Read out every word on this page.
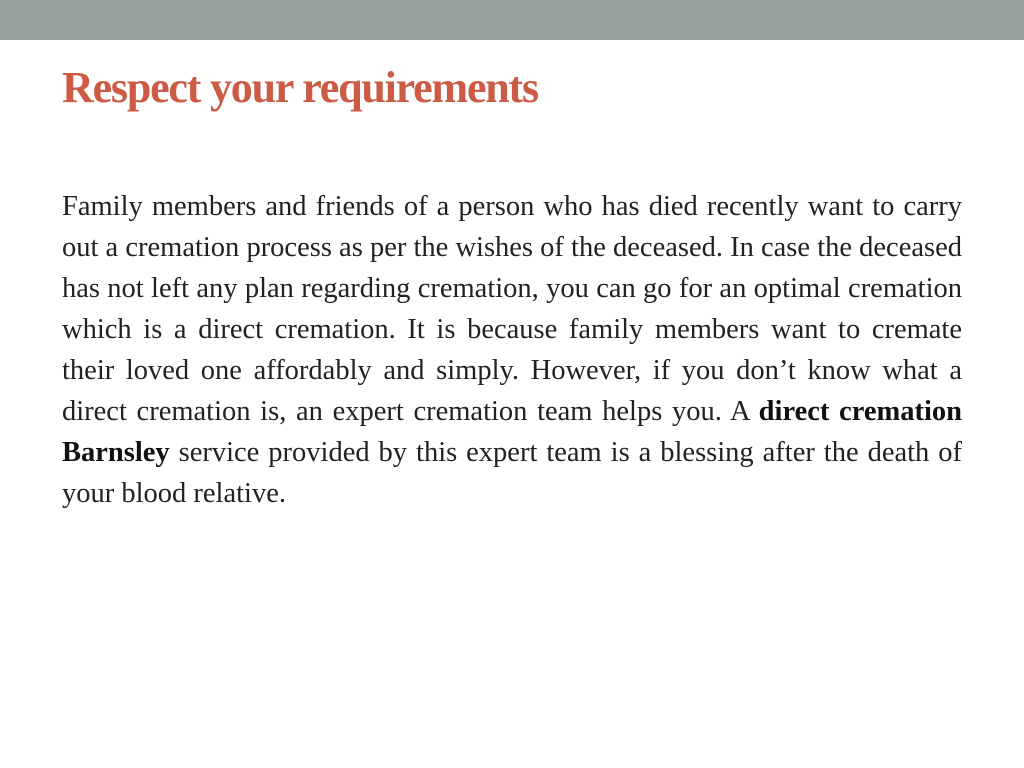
Respect your requirements

Family members and friends of a person who has died recently want to carry out a cremation process as per the wishes of the deceased. In case the deceased has not left any plan regarding cremation, you can go for an optimal cremation which is a direct cremation. It is because family members want to cremate their loved one affordably and simply. However, if you don’t know what a direct cremation is, an expert cremation team helps you. A direct cremation Barnsley service provided by this expert team is a blessing after the death of your blood relative.
